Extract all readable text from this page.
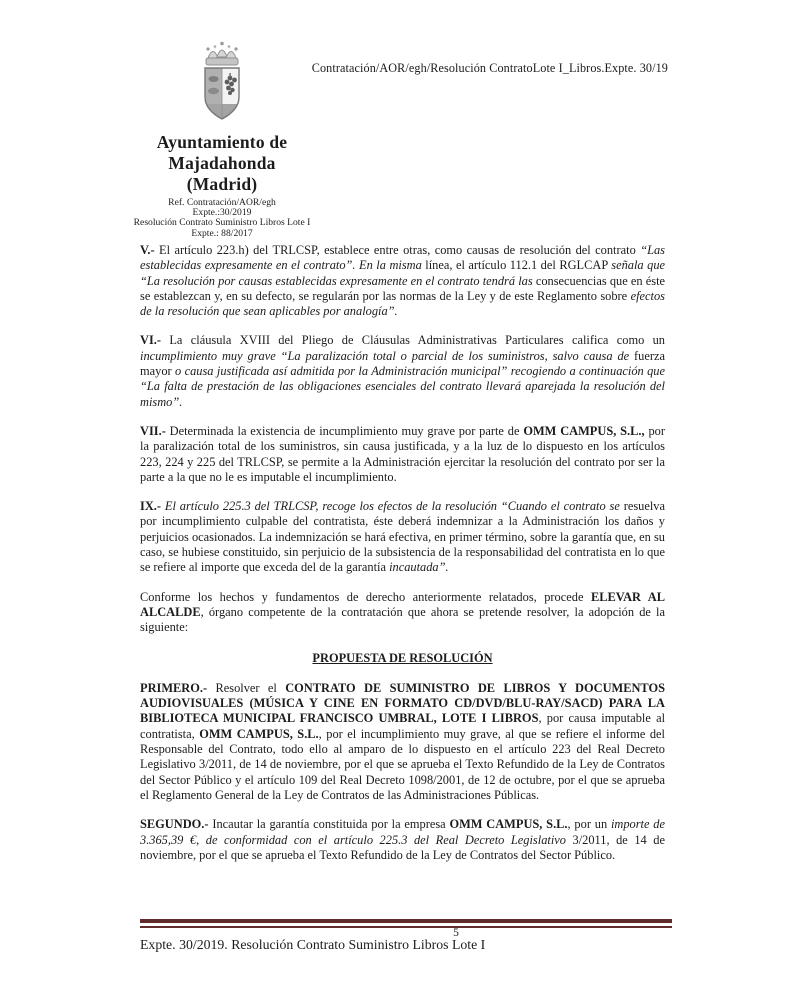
Contratación/AOR/egh/Resolución ContratoLote I_Libros.Expte. 30/19
Ayuntamiento de
Majadahonda
(Madrid)
Ref. Contratación/AOR/egh
Expte.:30/2019
Resolución Contrato Suministro Libros Lote I
Expte.: 88/2017

V.- El artículo 223.h) del TRLCSP, establece entre otras, como causas de resolución del contrato “Las establecidas expresamente en el contrato”. En la misma línea, el artículo 112.1 del RGLCAP señala que “La resolución por causas establecidas expresamente en el contrato tendrá las consecuencias que en éste se establezcan y, en su defecto, se regularán por las normas de la Ley y de este Reglamento sobre efectos de la resolución que sean aplicables por analogía”.

VI.- La cláusula XVIII del Pliego de Cláusulas Administrativas Particulares califica como un incumplimiento muy grave “La paralización total o parcial de los suministros, salvo causa de fuerza mayor o causa justificada así admitida por la Administración municipal” recogiendo a continuación que “La falta de prestación de las obligaciones esenciales del contrato llevará aparejada la resolución del mismo”.

VII.- Determinada la existencia de incumplimiento muy grave por parte de OMM CAMPUS, S.L., por la paralización total de los suministros, sin causa justificada, y a la luz de lo dispuesto en los artículos 223, 224 y 225 del TRLCSP, se permite a la Administración ejercitar la resolución del contrato por ser la parte a la que no le es imputable el incumplimiento.

IX.- El artículo 225.3 del TRLCSP, recoge los efectos de la resolución “Cuando el contrato se resuelva por incumplimiento culpable del contratista, éste deberá indemnizar a la Administración los daños y perjuicios ocasionados. La indemnización se hará efectiva, en primer término, sobre la garantía que, en su caso, se hubiese constituido, sin perjuicio de la subsistencia de la responsabilidad del contratista en lo que se refiere al importe que exceda del de la garantía incautada”.

Conforme los hechos y fundamentos de derecho anteriormente relatados, procede ELEVAR AL ALCALDE, órgano competente de la contratación que ahora se pretende resolver, la adopción de la siguiente:

PROPUESTA DE RESOLUCIÓN

PRIMERO.- Resolver el CONTRATO DE SUMINISTRO DE LIBROS Y DOCUMENTOS AUDIOVISUALES (MÚSICA Y CINE EN FORMATO CD/DVD/BLU-RAY/SACD) PARA LA BIBLIOTECA MUNICIPAL FRANCISCO UMBRAL, LOTE I LIBROS, por causa imputable al contratista, OMM CAMPUS, S.L., por el incumplimiento muy grave, al que se refiere el informe del Responsable del Contrato, todo ello al amparo de lo dispuesto en el artículo 223 del Real Decreto Legislativo 3/2011, de 14 de noviembre, por el que se aprueba el Texto Refundido de la Ley de Contratos del Sector Público y el artículo 109 del Real Decreto 1098/2001, de 12 de octubre, por el que se aprueba el Reglamento General de la Ley de Contratos de las Administraciones Públicas.

SEGUNDO.- Incautar la garantía constituida por la empresa OMM CAMPUS, S.L., por un importe de 3.365,39 €, de conformidad con el artículo 225.3 del Real Decreto Legislativo 3/2011, de 14 de noviembre, por el que se aprueba el Texto Refundido de la Ley de Contratos del Sector Público.

5
Expte. 30/2019. Resolución Contrato Suministro Libros Lote I
